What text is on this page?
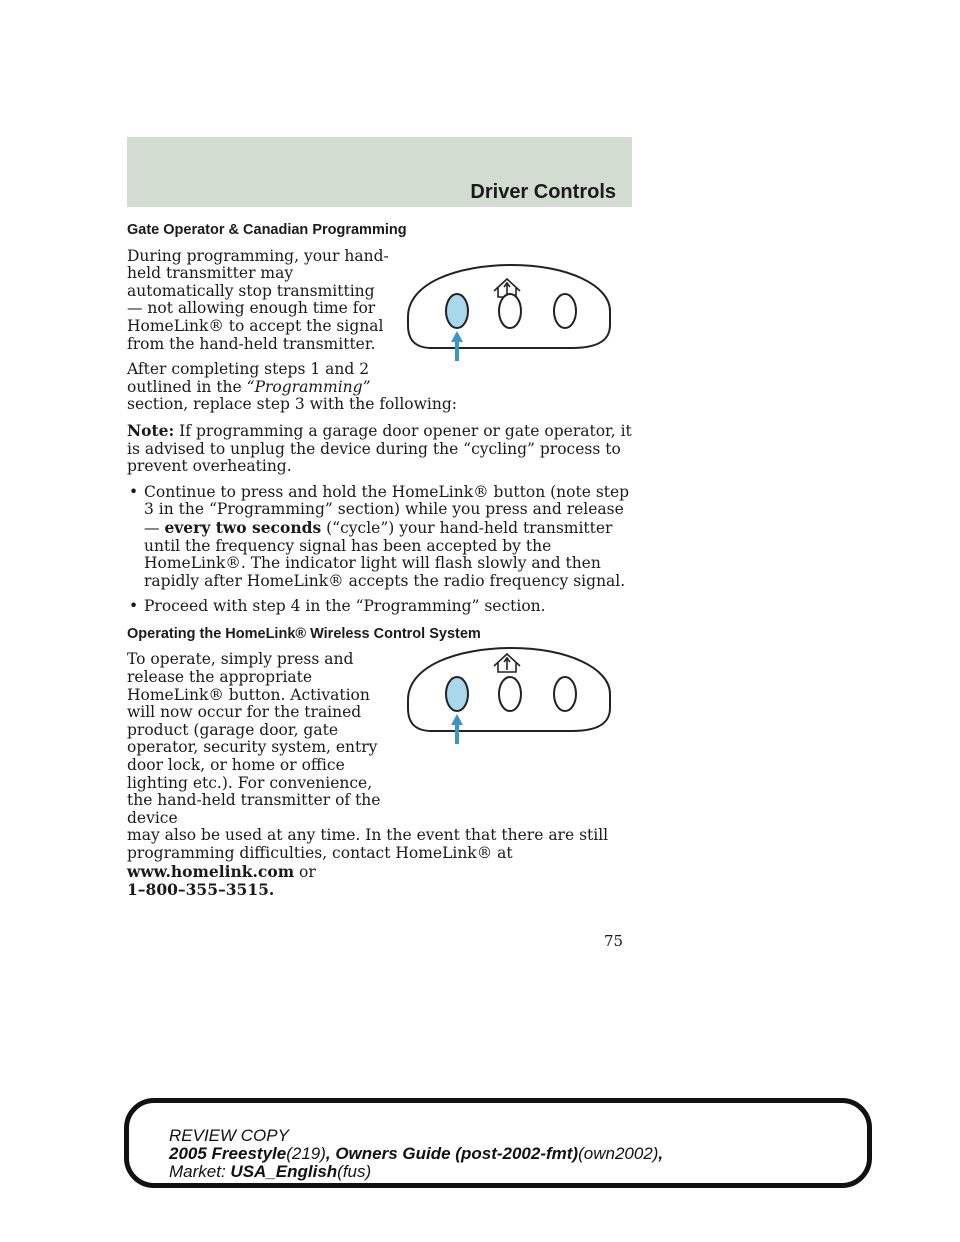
Driver Controls
Gate Operator & Canadian Programming
During programming, your hand-held transmitter may automatically stop transmitting — not allowing enough time for HomeLink® to accept the signal from the hand-held transmitter.
After completing steps 1 and 2 outlined in the “Programming”
section, replace step 3 with the following:
Note: If programming a garage door opener or gate operator, it is advised to unplug the device during the “cycling” process to prevent overheating.
• Continue to press and hold the HomeLink® button (note step 3 in the “Programming” section) while you press and release — every two seconds (“cycle”) your hand-held transmitter until the frequency signal has been accepted by the HomeLink®. The indicator light will flash slowly and then rapidly after HomeLink® accepts the radio frequency signal.
• Proceed with step 4 in the “Programming” section.
Operating the HomeLink® Wireless Control System
To operate, simply press and release the appropriate HomeLink® button. Activation will now occur for the trained product (garage door, gate operator, security system, entry door lock, or home or office lighting etc.). For convenience, the hand-held transmitter of the device
may also be used at any time. In the event that there are still programming difficulties, contact HomeLink® at www.homelink.com or
1–800–355–3515.
75
REVIEW COPY
2005 Freestyle(219), Owners Guide (post-2002-fmt)(own2002),
Market: USA_English(fus)
